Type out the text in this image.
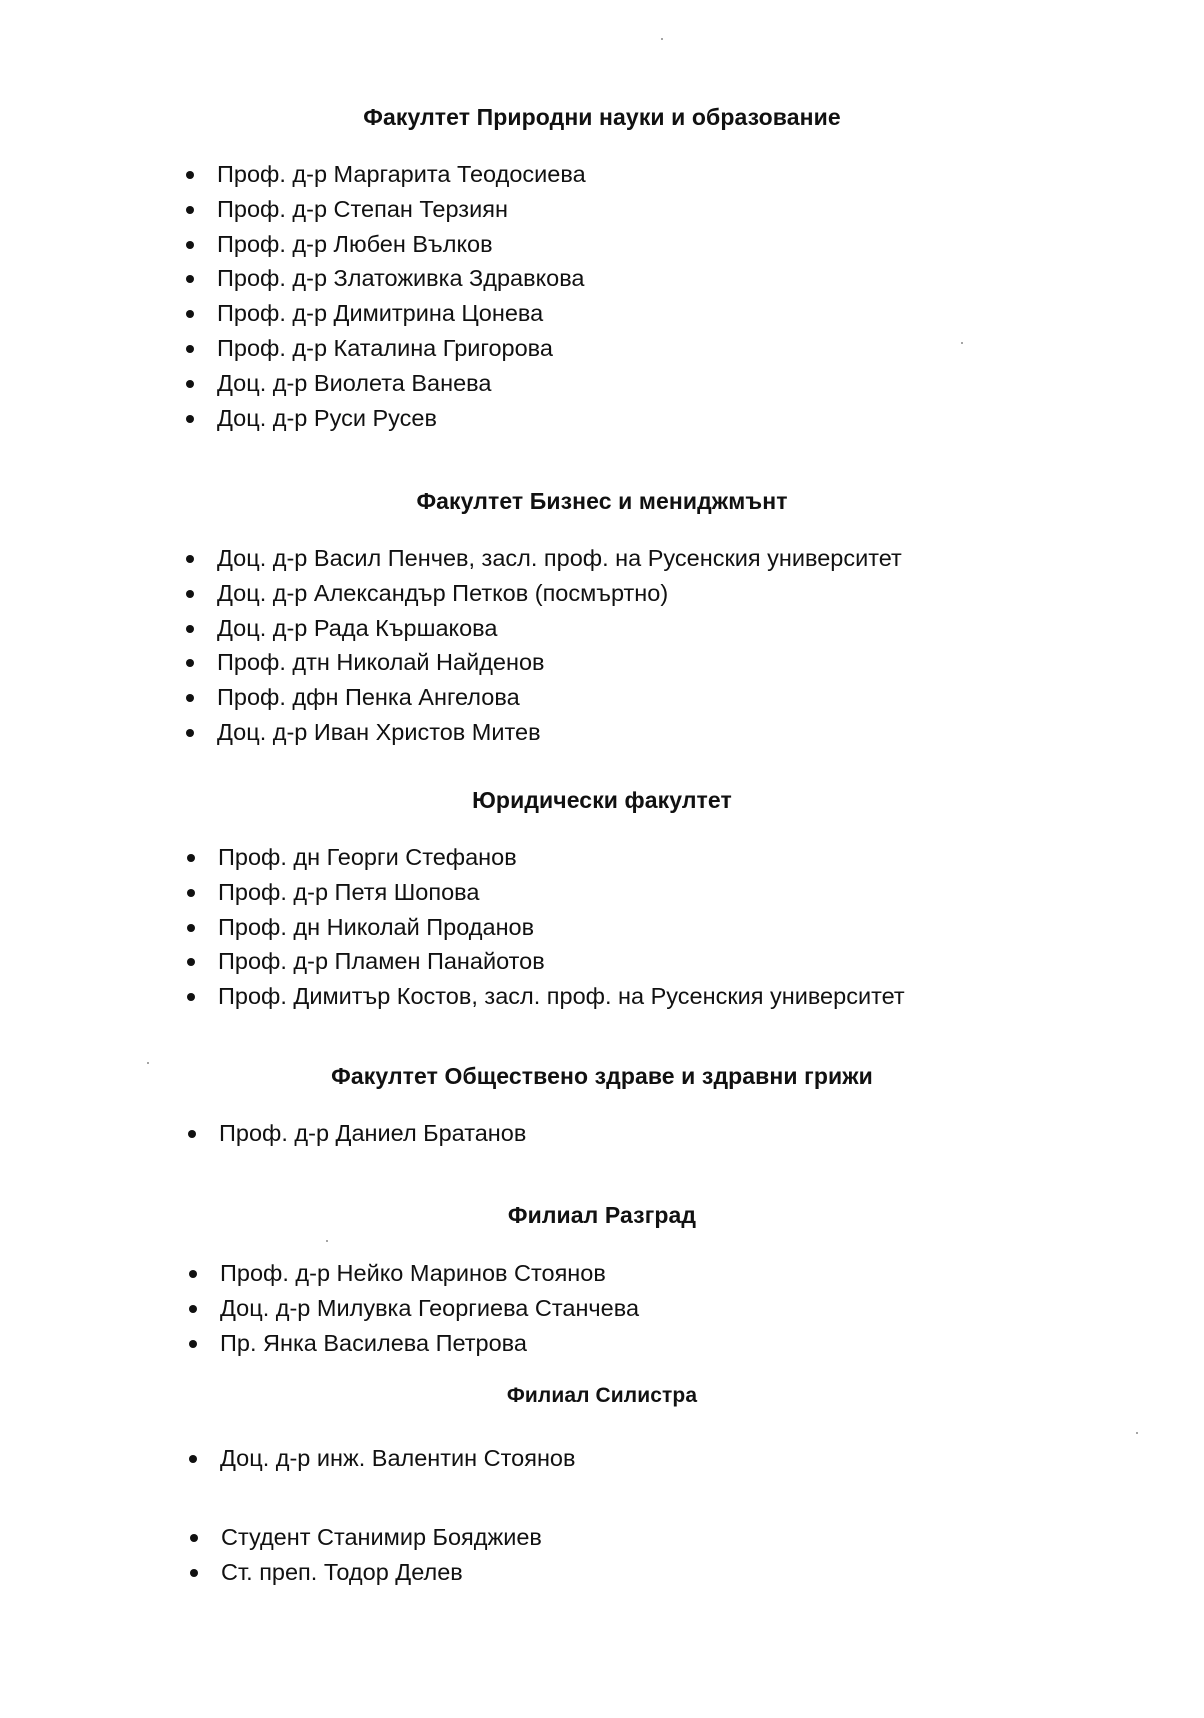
Факултет Природни науки и образование
Проф. д-р Маргарита Теодосиева
Проф. д-р Степан Терзиян
Проф. д-р Любен Вълков
Проф. д-р Златоживка Здравкова
Проф. д-р Димитрина Цонева
Проф. д-р Каталина Григорова
Доц. д-р Виолета Ванева
Доц. д-р Руси Русев
Факултет Бизнес и мениджмънт
Доц. д-р Васил Пенчев, засл. проф. на Русенския университет
Доц. д-р Александър Петков (посмъртно)
Доц. д-р Рада Кършакова
Проф. дтн Николай Найденов
Проф. дфн Пенка Ангелова
Доц. д-р Иван Христов Митев
Юридически факултет
Проф. дн Георги Стефанов
Проф. д-р Петя Шопова
Проф. дн Николай Проданов
Проф. д-р Пламен Панайотов
Проф. Димитър Костов, засл. проф. на Русенския университет
Факултет Обществено здраве и здравни грижи
Проф. д-р Даниел Братанов
Филиал Разград
Проф. д-р Нейко Маринов Стоянов
Доц. д-р Милувка Георгиева Станчева
Пр. Янка Василева Петрова
Филиал Силистра
Доц. д-р инж. Валентин Стоянов
Студент Станимир Бояджиев
Ст. преп. Тодор Делев
